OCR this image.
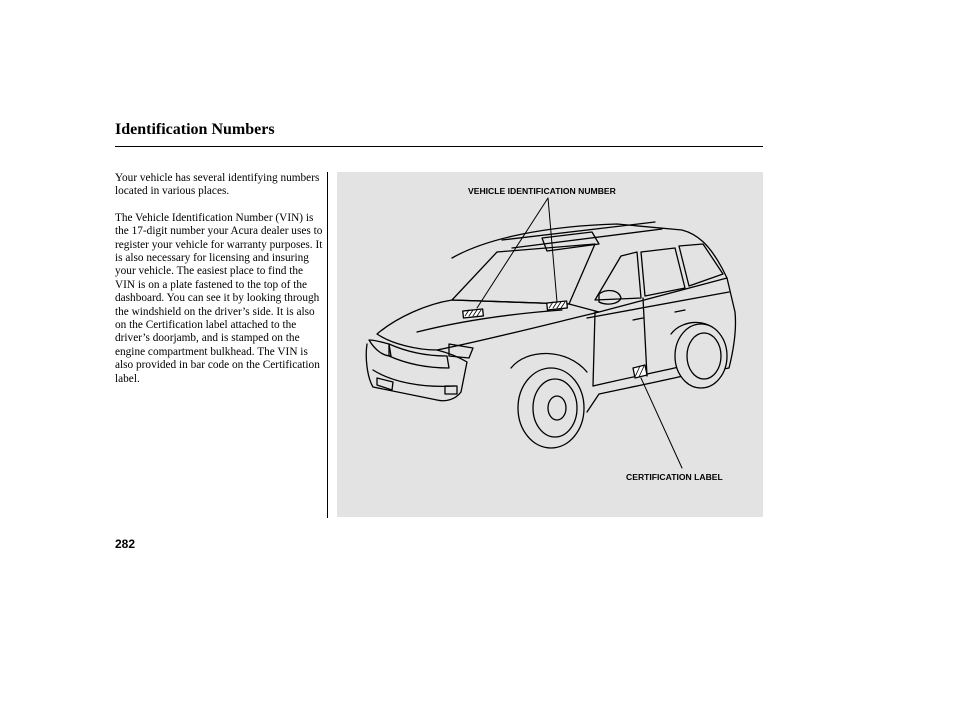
Identification Numbers

Your vehicle has several identifying numbers located in various places.

The Vehicle Identification Number (VIN) is the 17-digit number your Acura dealer uses to register your vehicle for warranty purposes. It is also necessary for licensing and insuring your vehicle. The easiest place to find the VIN is on a plate fastened to the top of the dashboard. You can see it by looking through the windshield on the driver’s side. It is also on the Certification label attached to the driver’s doorjamb, and is stamped on the engine compartment bulkhead. The VIN is also provided in bar code on the Certification label.

VEHICLE IDENTIFICATION NUMBER
CERTIFICATION LABEL
282
